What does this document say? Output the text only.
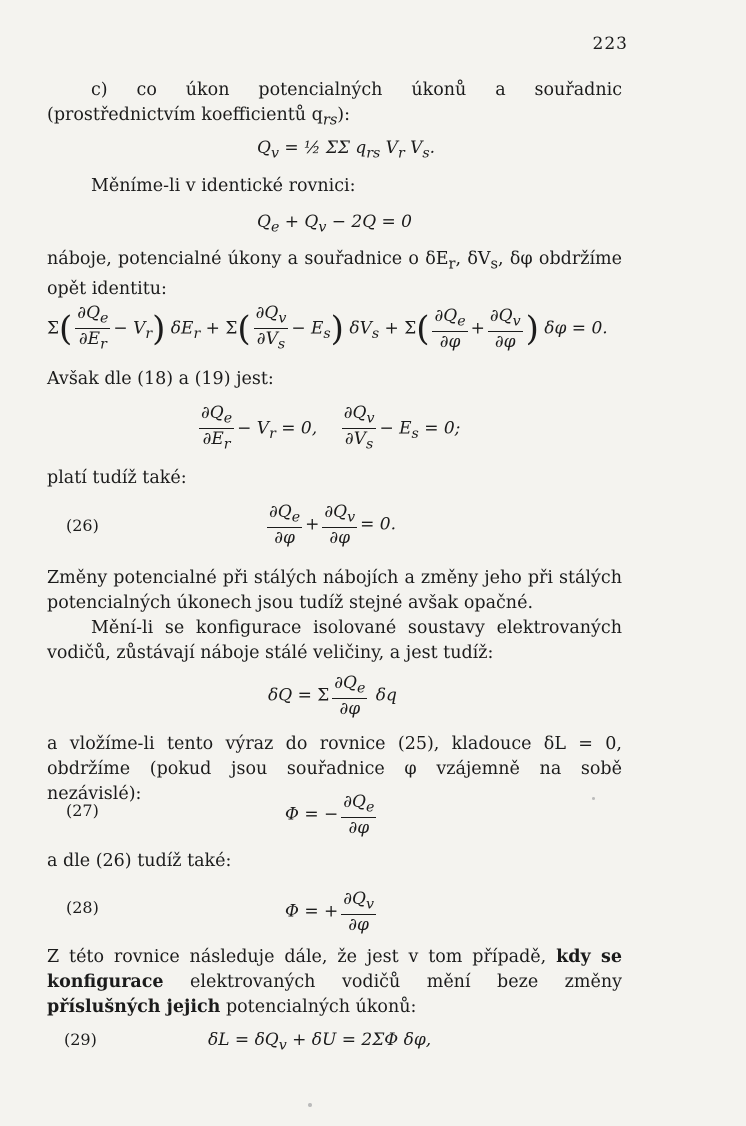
223
c) co úkon potencialných úkonů a souřadnic (prostřednictvím koefficientů $q_{rs}$):
$Q_v$ = ½ ΣΣ $q_{rs}$ $V_r$ $V_s$.
Měníme-li v identické rovnici:
$Q_e + Q_v - 2Q = 0$
náboje, potencialné úkony a souřadnice o $\delta E_r$, $\delta V_s$, δφ obdržíme opět identitu:
$\Sigma( \frac{\partial Q_e}{\partial E_r} - V_r)$ $\delta E_r + \Sigma( \frac{\partial Q_v}{\partial V_s} - E_s) \delta V_s + \Sigma( \frac{\partial Q_e}{\partial\varphi} + \frac{\partial Q_v}{\partial\varphi}$ ) δφ = 0.
Avšak dle (18) a (19) jest:
$\frac{\partial Q_e}{\partial E_r} - V_r = 0$, $\frac{\partial Q_v}{\partial V_s} - E_s = 0$;
platí tudíž také:
(26)	$\frac{\partial Q_e}{\partial\varphi} + \frac{\partial Q_v}{\partial\varphi} = 0$.
Změny potencialné při stálých nábojích a změny jeho při stálých potencialných úkonech jsou tudíž stejné avšak opačné.
Mění-li se konfigurace isolované soustavy elektrovaných vodičů, zůstávají náboje stálé veličiny, a jest tudíž:
δQ = Σ $\frac{\partial Q_e}{\partial\varphi}$ δq
a vložíme-li tento výraz do rovnice (25), kladouce δL = 0, obdržíme (pokud jsou souřadnice φ vzájemně na sobě nezávislé):
(27)	Φ = − $\frac{\partial Q_e}{\partial\varphi}$
a dle (26) tudíž také:
(28)	Φ = + $\frac{\partial Q_v}{\partial\varphi}$
Z této rovnice následuje dále, že jest v tom případě, kdy se konfigurace elektrovaných vodičů mění beze změny příslušných jejich potencialných úkonů:
(29)	$\delta L = \delta Q_v + \delta U = 2\Sigma\Phi$ δφ,
